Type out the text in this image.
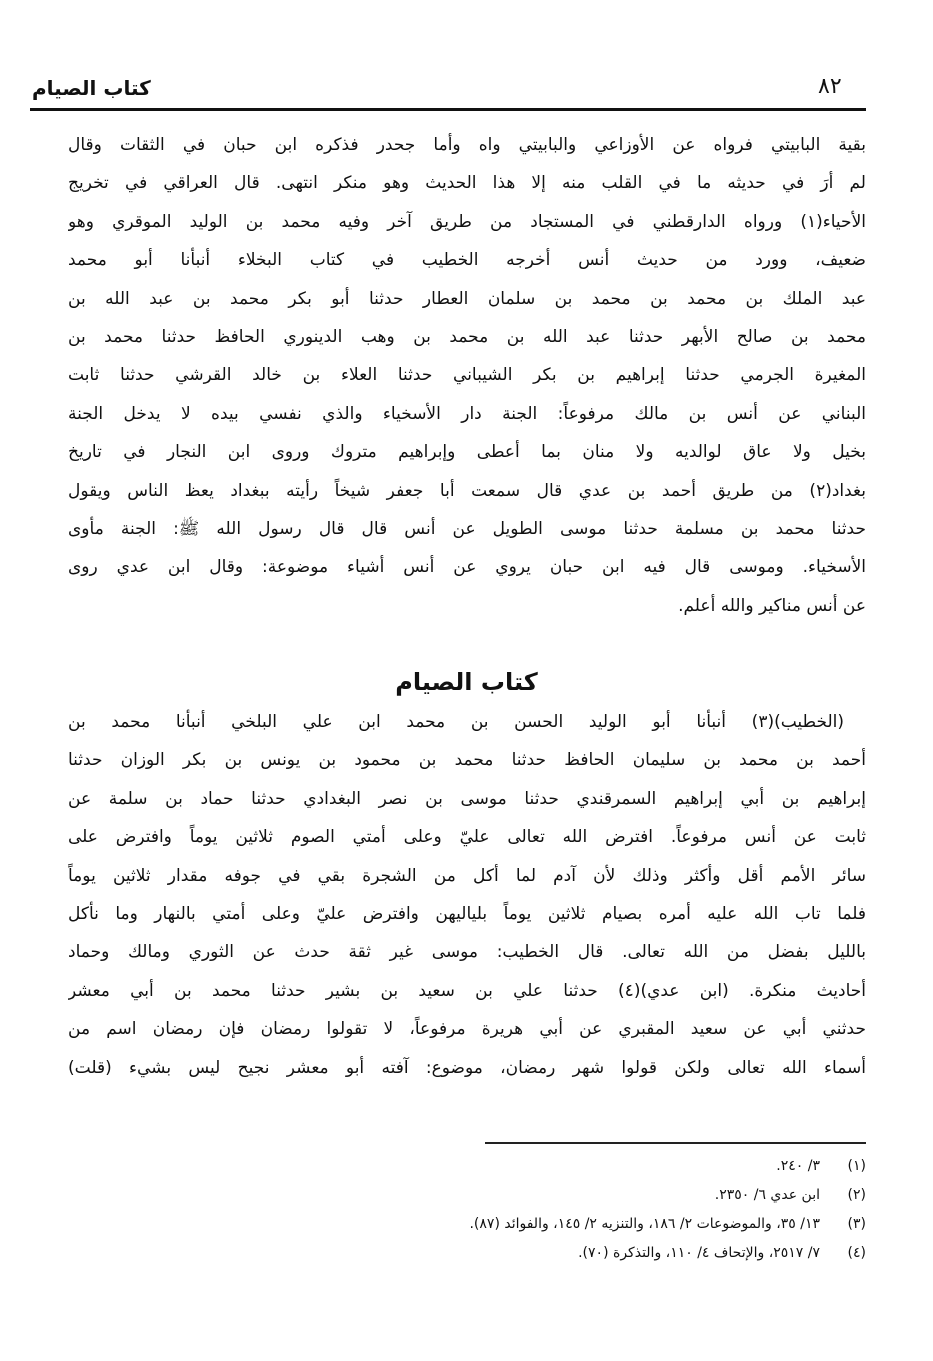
كتاب الصيام	٨٢
بقية البابيتي فرواه عن الأوزاعي والبابيتي واه وأما جحدر فذكره ابن حبان في الثقات وقال
لم أرَ في حديثه ما في القلب منه إلا هذا الحديث وهو منكر انتهى. قال العراقي في تخريج
الأحياء(١) ورواه الدارقطني في المستجاد من طريق آخر وفيه محمد بن الوليد الموقري وهو
ضعيف، وورد من حديث أنس أخرجه الخطيب في كتاب البخلاء أنبأنا أبو محمد
عبد الملك بن محمد بن محمد بن سلمان العطار حدثنا أبو بكر محمد بن عبد الله بن
محمد بن صالح الأبهر حدثنا عبد الله بن محمد بن وهب الدينوري الحافظ حدثنا محمد بن
المغيرة الجرمي حدثنا إبراهيم بن بكر الشيباني حدثنا العلاء بن خالد القرشي حدثنا ثابت
البناني عن أنس بن مالك مرفوعاً: الجنة دار الأسخياء والذي نفسي بيده لا يدخل الجنة
بخيل ولا عاق لوالديه ولا منان بما أعطى وإبراهيم متروك وروى ابن النجار في تاريخ
بغداد(٢) من طريق أحمد بن عدي قال سمعت أبا جعفر شيخاً رأيته ببغداد يعظ الناس ويقول
حدثنا محمد بن مسلمة حدثنا موسى الطويل عن أنس قال قال رسول الله ﷺ: الجنة مأوى
الأسخياء. وموسى قال فيه ابن حبان يروي عن أنس أشياء موضوعة: وقال ابن عدي روى
عن أنس مناكير والله أعلم.
كتاب الصيام
(الخطيب)(٣) أنبأنا أبو الوليد الحسن بن محمد ابن علي البلخي أنبأنا محمد بن
أحمد بن محمد بن سليمان الحافظ حدثنا محمد بن محمود بن يونس بن بكر الوزان حدثنا
إبراهيم بن أبي إبراهيم السمرقندي حدثنا موسى بن نصر البغدادي حدثنا حماد بن سلمة عن
ثابت عن أنس مرفوعاً. افترض الله تعالى عليّ وعلى أمتي الصوم ثلاثين يوماً وافترض على
سائر الأمم أقل وأكثر وذلك لأن آدم لما أكل من الشجرة بقي في جوفه مقدار ثلاثين يوماً
فلما تاب الله عليه أمره بصيام ثلاثين يوماً بلياليهن وافترض عليّ وعلى أمتي بالنهار وما نأكل
بالليل بفضل من الله تعالى. قال الخطيب: موسى غير ثقة حدث عن الثوري ومالك وحماد
أحاديث منكرة. (ابن عدي)(٤) حدثنا علي بن سعيد بن بشير حدثنا محمد بن أبي معشر
حدثني أبي عن سعيد المقبري عن أبي هريرة مرفوعاً، لا تقولوا رمضان فإن رمضان اسم من
أسماء الله تعالى ولكن قولوا شهر رمضان، موضوع: آفته أبو معشر نجيح ليس بشيء (قلت)
(١)
٣/ ٢٤٠.
(٢)
ابن عدي ٦/ ٢٣٥٠.
(٣)
١٣/ ٣٥، والموضوعات ٢/ ١٨٦، والتنزيه ٢/ ١٤٥، والفوائد (٨٧).
(٤)
٧/ ٢٥١٧، والإتحاف ٤/ ١١٠، والتذكرة (٧٠).
